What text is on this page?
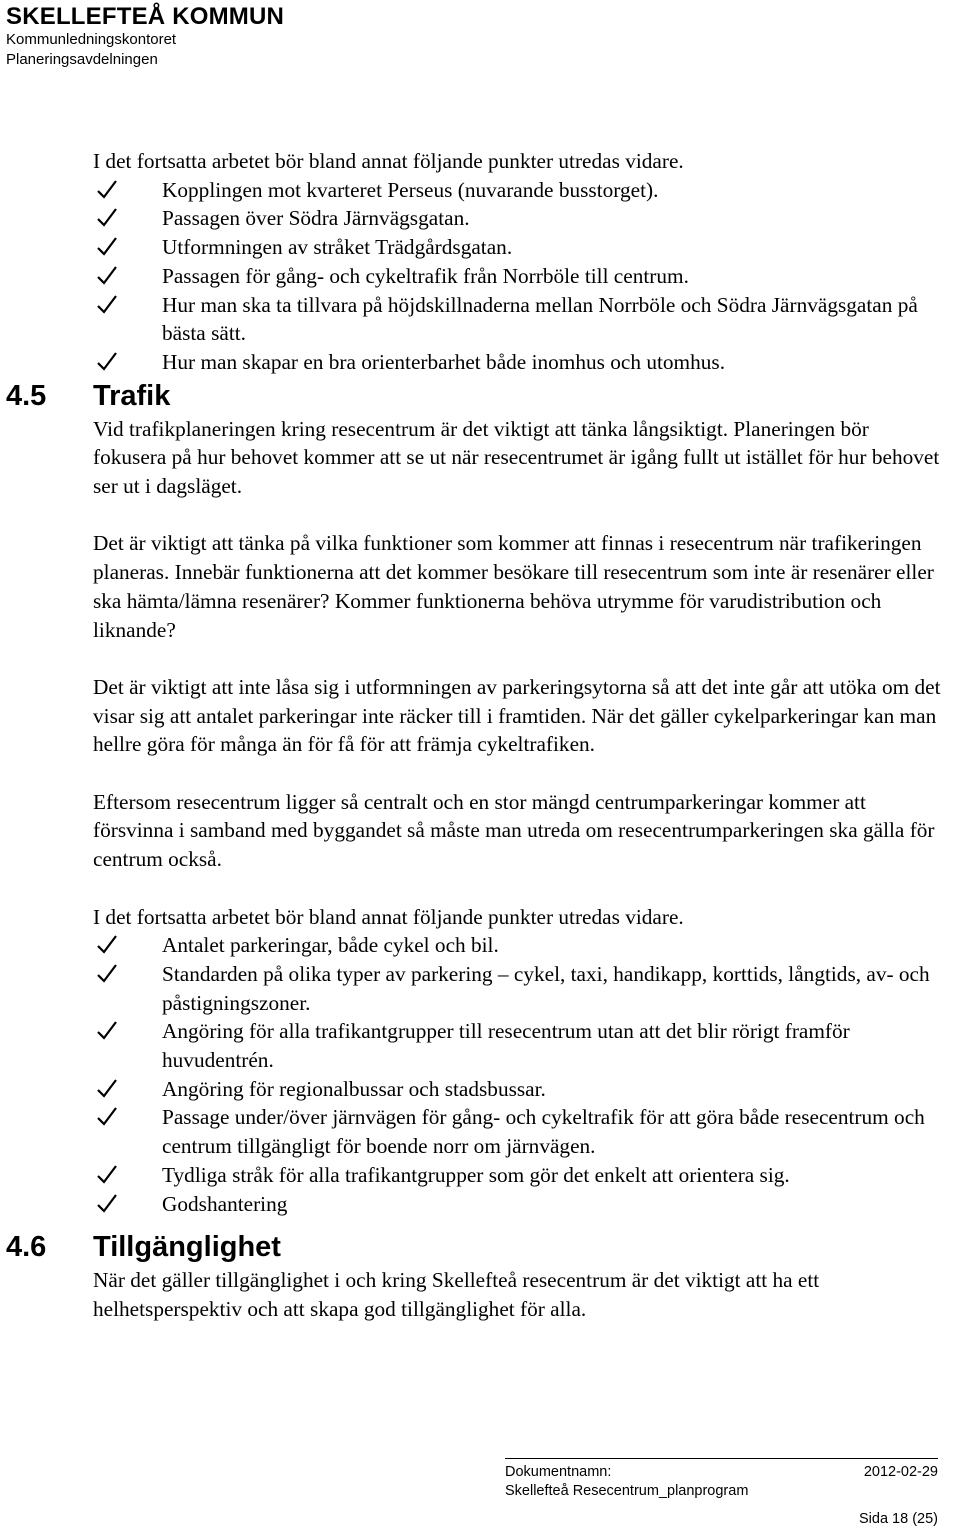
SKELLEFTEÅ KOMMUN
Kommunledningskontoret
Planeringsavdelningen

I det fortsatta arbetet bör bland annat följande punkter utredas vidare.

Kopplingen mot kvarteret Perseus (nuvarande busstorget).
Passagen över Södra Järnvägsgatan.
Utformningen av stråket Trädgårdsgatan.
Passagen för gång- och cykeltrafik från Norrböle till centrum.
Hur man ska ta tillvara på höjdskillnaderna mellan Norrböle och Södra Järnvägsgatan på bästa sätt.
Hur man skapar en bra orienterbarhet både inomhus och utomhus.
4.5 Trafik

Vid trafikplaneringen kring resecentrum är det viktigt att tänka långsiktigt. Planeringen bör fokusera på hur behovet kommer att se ut när resecentrumet är igång fullt ut istället för hur behovet ser ut i dagsläget.

Det är viktigt att tänka på vilka funktioner som kommer att finnas i resecentrum när trafikeringen planeras. Innebär funktionerna att det kommer besökare till resecentrum som inte är resenärer eller ska hämta/lämna resenärer? Kommer funktionerna behöva utrymme för varudistribution och liknande?

Det är viktigt att inte låsa sig i utformningen av parkeringsytorna så att det inte går att utöka om det visar sig att antalet parkeringar inte räcker till i framtiden. När det gäller cykelparkeringar kan man hellre göra för många än för få för att främja cykeltrafiken.

Eftersom resecentrum ligger så centralt och en stor mängd centrumparkeringar kommer att försvinna i samband med byggandet så måste man utreda om resecentrumparkeringen ska gälla för centrum också.

I det fortsatta arbetet bör bland annat följande punkter utredas vidare.

Antalet parkeringar, både cykel och bil.
Standarden på olika typer av parkering – cykel, taxi, handikapp, korttids, långtids, av- och påstigningszoner.
Angöring för alla trafikantgrupper till resecentrum utan att det blir rörigt framför huvudentrén.
Angöring för regionalbussar och stadsbussar.
Passage under/över järnvägen för gång- och cykeltrafik för att göra både resecentrum och centrum tillgängligt för boende norr om järnvägen.
Tydliga stråk för alla trafikantgrupper som gör det enkelt att orientera sig.
Godshantering
4.6 Tillgänglighet

När det gäller tillgänglighet i och kring Skellefteå resecentrum är det viktigt att ha ett helhetsperspektiv och att skapa god tillgänglighet för alla.

Dokumentnamn:	2012-02-29
Skellefteå Resecentrum_planprogram
Sida 18 (25)
